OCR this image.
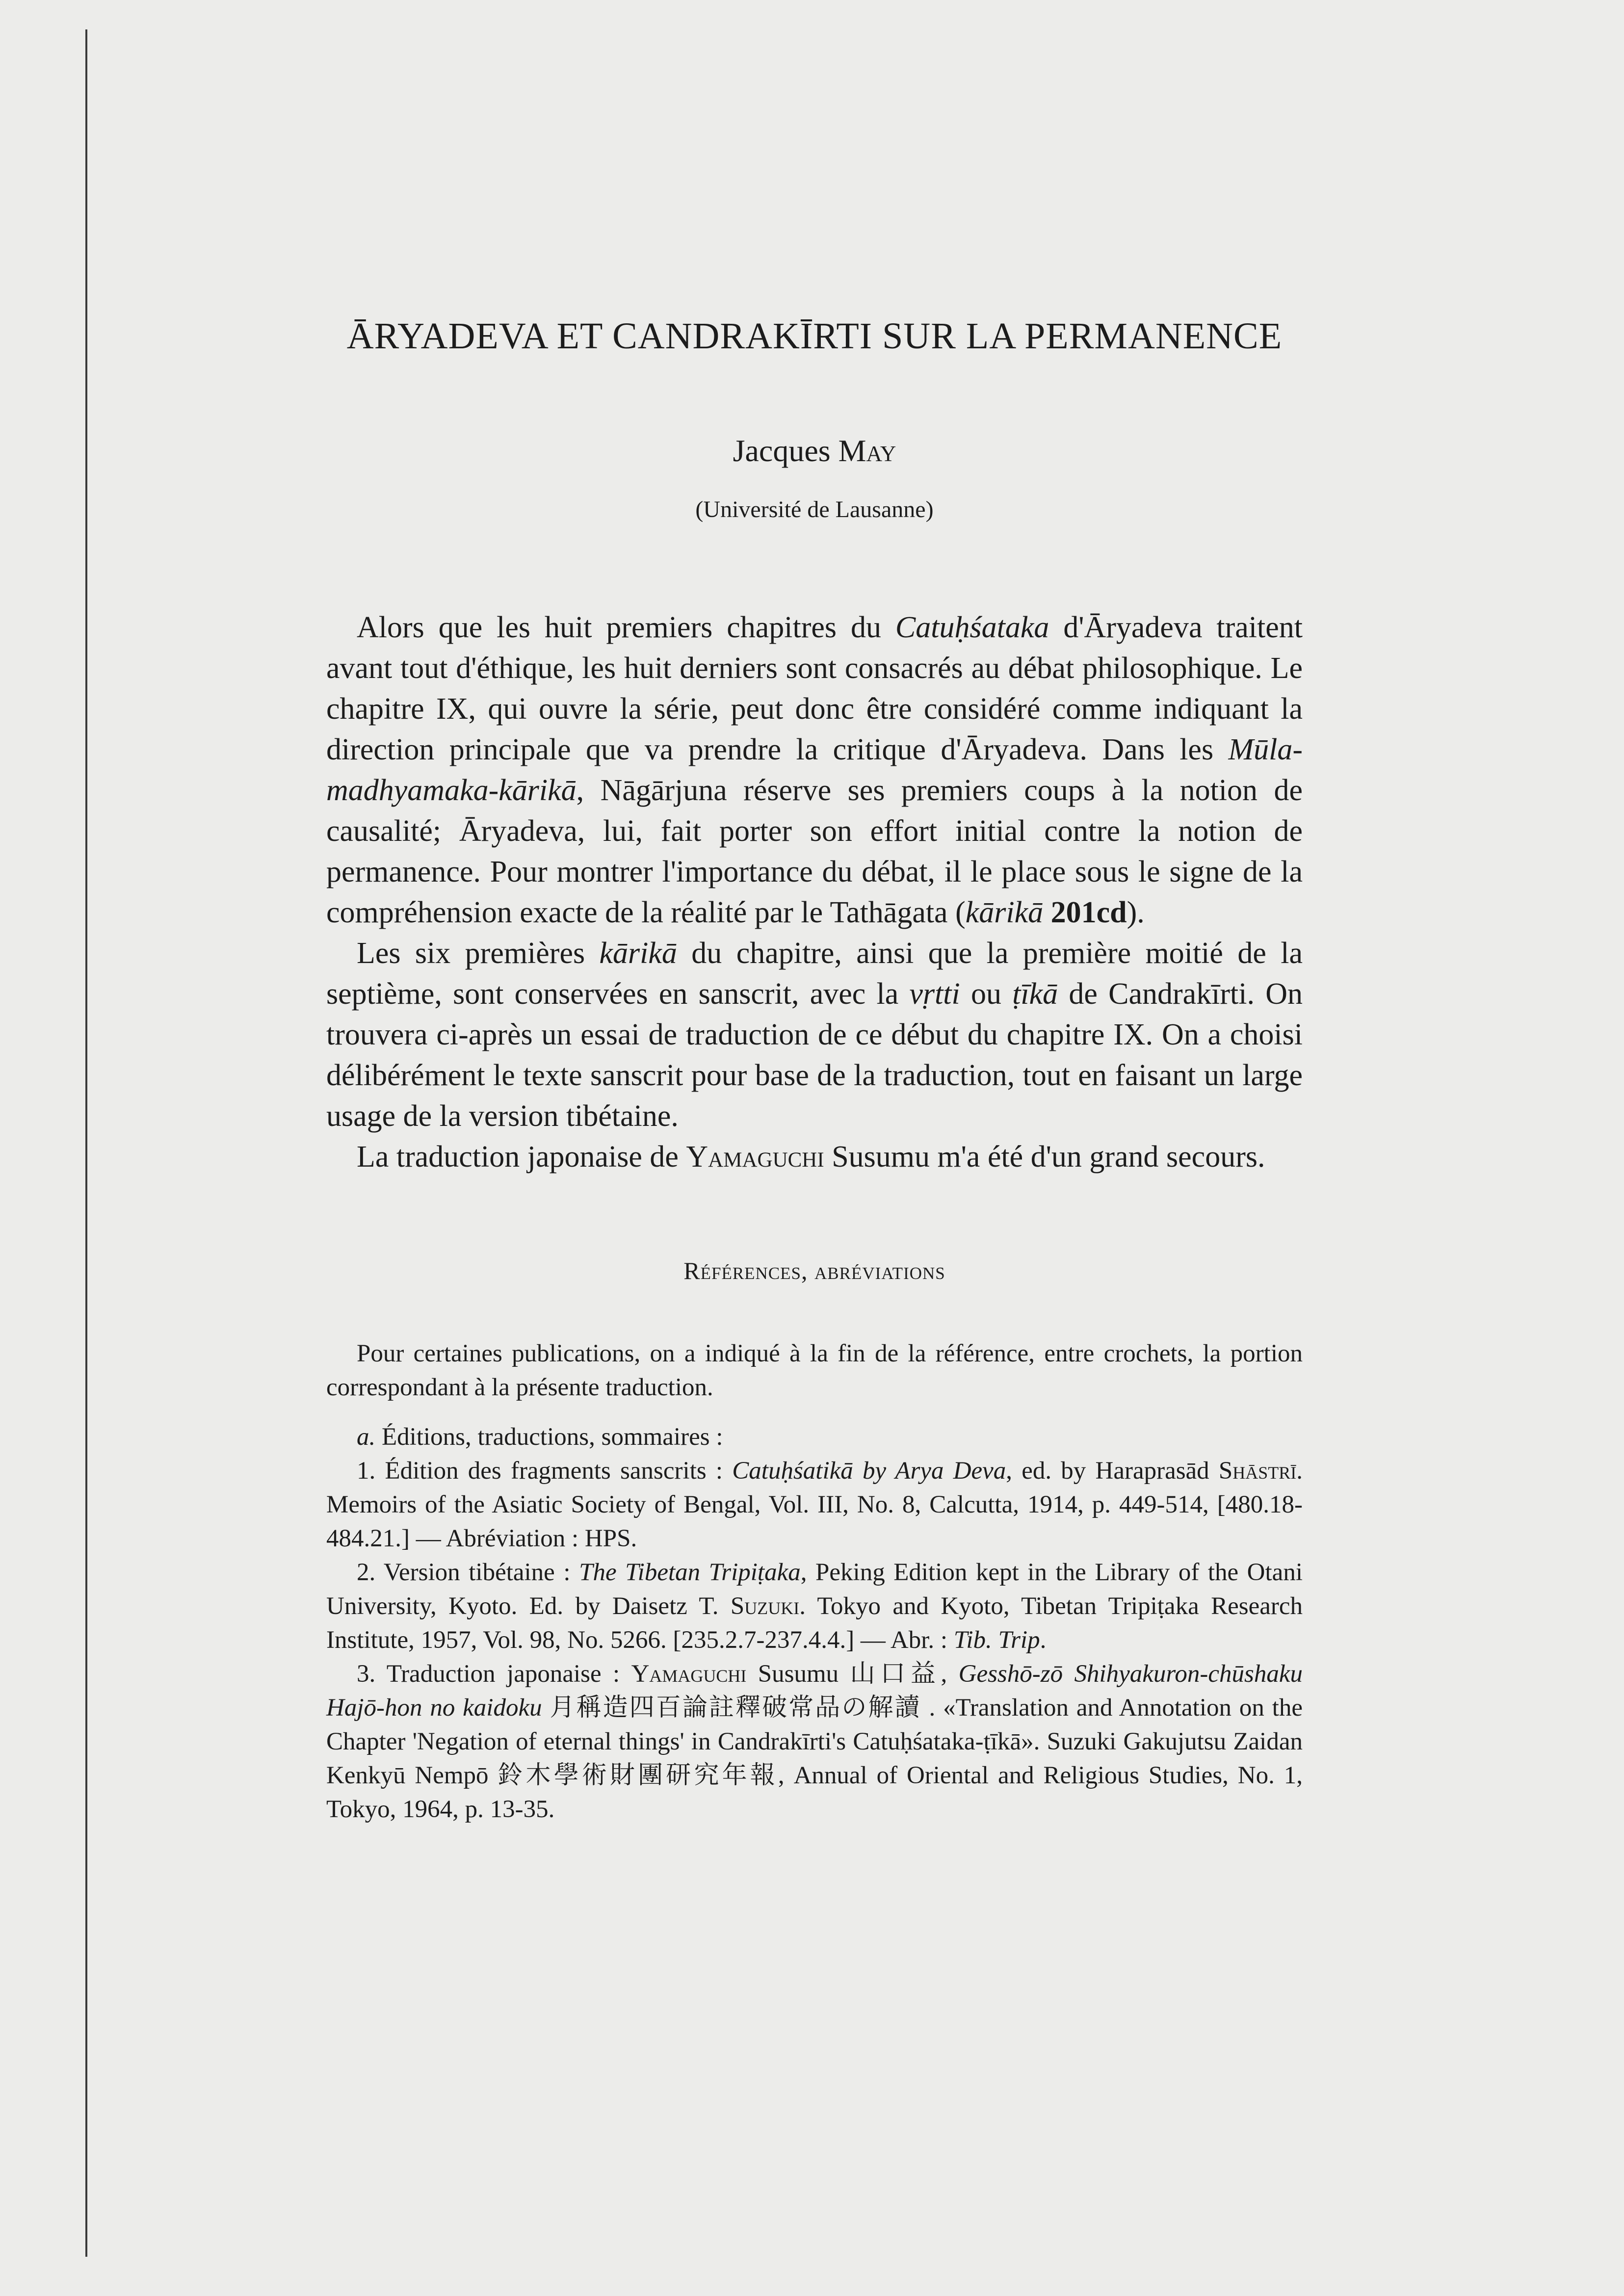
ĀRYADEVA ET CANDRAKĪRTI SUR LA PERMANENCE

Jacques May

(Université de Lausanne)

Alors que les huit premiers chapitres du Catuḥśataka d'Āryadeva traitent avant tout d'éthique, les huit derniers sont consacrés au débat philosophique. Le chapitre IX, qui ouvre la série, peut donc être considéré comme indiquant la direction principale que va prendre la critique d'Āryadeva. Dans les Mūla-madhyamaka-kārikā, Nāgārjuna réserve ses premiers coups à la notion de causalité; Āryadeva, lui, fait porter son effort initial contre la notion de permanence. Pour montrer l'importance du débat, il le place sous le signe de la compréhension exacte de la réalité par le Tathāgata (kārikā 201cd).

Les six premières kārikā du chapitre, ainsi que la première moitié de la septième, sont conservées en sanscrit, avec la vṛtti ou ṭīkā de Candrakīrti. On trouvera ci-après un essai de traduction de ce début du chapitre IX. On a choisi délibérément le texte sanscrit pour base de la traduction, tout en faisant un large usage de la version tibétaine.

La traduction japonaise de Yamaguchi Susumu m'a été d'un grand secours.

Références, abréviations

Pour certaines publications, on a indiqué à la fin de la référence, entre crochets, la portion correspondant à la présente traduction.

a. Éditions, traductions, sommaires :

1. Édition des fragments sanscrits : Catuḥśatikā by Arya Deva, ed. by Haraprasād Shāstrī. Memoirs of the Asiatic Society of Bengal, Vol. III, No. 8, Calcutta, 1914, p. 449-514, [480.18-484.21.] — Abréviation : HPS.

2. Version tibétaine : The Tibetan Tripiṭaka, Peking Edition kept in the Library of the Otani University, Kyoto. Ed. by Daisetz T. Suzuki. Tokyo and Kyoto, Tibetan Tripiṭaka Research Institute, 1957, Vol. 98, No. 5266. [235.2.7-237.4.4.] — Abr. : Tib. Trip.

3. Traduction japonaise : Yamaguchi Susumu 山口益, Gesshō-zō Shihyakuron-chūshaku Hajō-hon no kaidoku 月稱造四百論註釋破常品の解讀 . «Translation and Annotation on the Chapter 'Negation of eternal things' in Candrakīrti's Catuḥśataka-ṭīkā». Suzuki Gakujutsu Zaidan Kenkyū Nempō 鈴木學術財團研究年報, Annual of Oriental and Religious Studies, No. 1, Tokyo, 1964, p. 13-35.
